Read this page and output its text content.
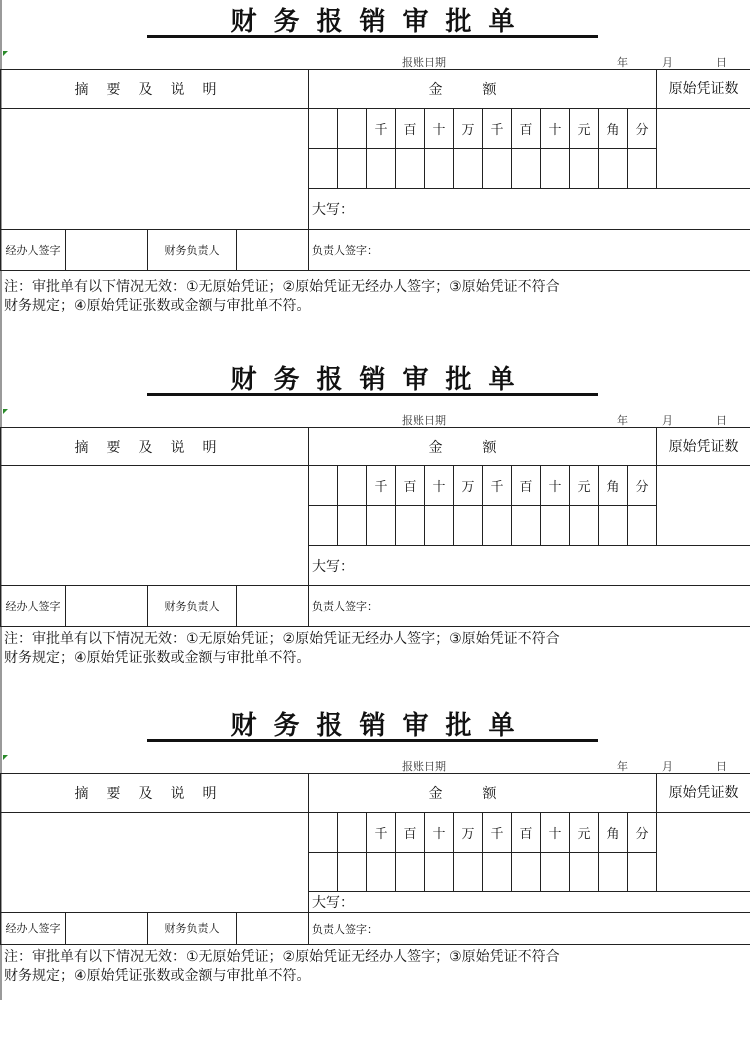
财务报销审批单
报账日期	年	月	日
摘要及说明				金额												原始凭证数
						千	百	十	万	千	百	十	元	角	分	

				大写：												
经办人签字		财务负责人		负责人签字：												
注：审批单有以下情况无效：①无原始凭证；②原始凭证无经办人签字；③原始凭证不符合
财务规定；④原始凭证张数或金额与审批单不符。
财务报销审批单
报账日期	年	月	日
摘要及说明				金额												原始凭证数
						千	百	十	万	千	百	十	元	角	分	

				大写：												
经办人签字		财务负责人		负责人签字：												
注：审批单有以下情况无效：①无原始凭证；②原始凭证无经办人签字；③原始凭证不符合
财务规定；④原始凭证张数或金额与审批单不符。
财务报销审批单
报账日期	年	月	日
摘要及说明				金额												原始凭证数
						千	百	十	万	千	百	十	元	角	分	

				大写：												
经办人签字		财务负责人		负责人签字：												
注：审批单有以下情况无效：①无原始凭证；②原始凭证无经办人签字；③原始凭证不符合
财务规定；④原始凭证张数或金额与审批单不符。
